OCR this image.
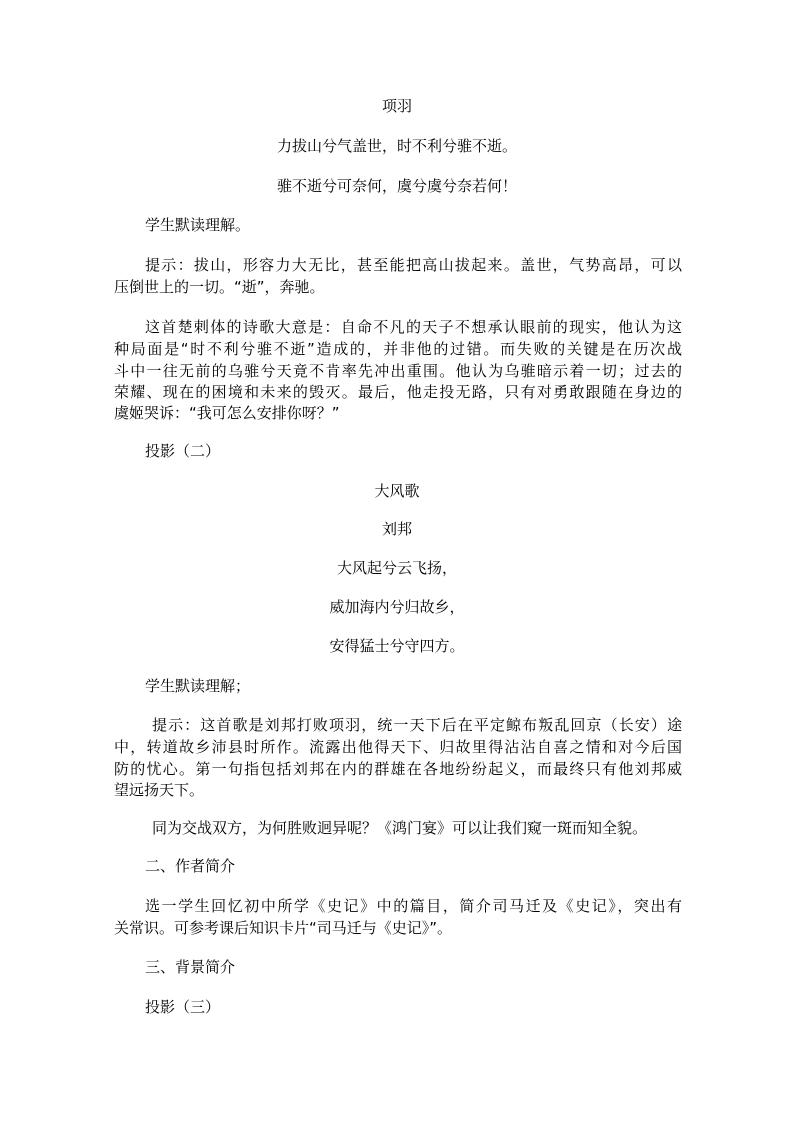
项羽

力拔山兮气盖世，时不利兮骓不逝。

骓不逝兮可奈何，虞兮虞兮奈若何！

学生默读理解。

提示：拔山，形容力大无比，甚至能把高山拔起来。盖世，气势高昂，可以

压倒世上的一切。“逝”，奔驰。

这首楚剌体的诗歌大意是：自命不凡的天子不想承认眼前的现实，他认为这

种局面是“时不利兮骓不逝”造成的，并非他的过错。而失败的关键是在历次战

斗中一往无前的乌骓兮天竟不肯率先冲出重围。他认为乌骓暗示着一切；过去的

荣耀、现在的困境和未来的毁灭。最后，他走投无路，只有对勇敢跟随在身边的

虞姬哭诉：“我可怎么安排你呀？”

投影（二）

大风歌

刘邦

大风起兮云飞扬，

威加海内兮归故乡，

安得猛士兮守四方。

学生默读理解；

提示：这首歌是刘邦打败项羽，统一天下后在平定鲸布叛乱回京（长安）途

中，转道故乡沛县时所作。流露出他得天下、归故里得沾沾自喜之情和对今后国

防的忧心。第一句指包括刘邦在内的群雄在各地纷纷起义，而最终只有他刘邦威

望远扬天下。

同为交战双方，为何胜败迥异呢？《鸿门宴》可以让我们窥一斑而知全貌。

二、作者简介

选一学生回忆初中所学《史记》中的篇目，简介司马迁及《史记》，突出有

关常识。可参考课后知识卡片“司马迁与《史记》”。

三、背景简介

投影（三）
